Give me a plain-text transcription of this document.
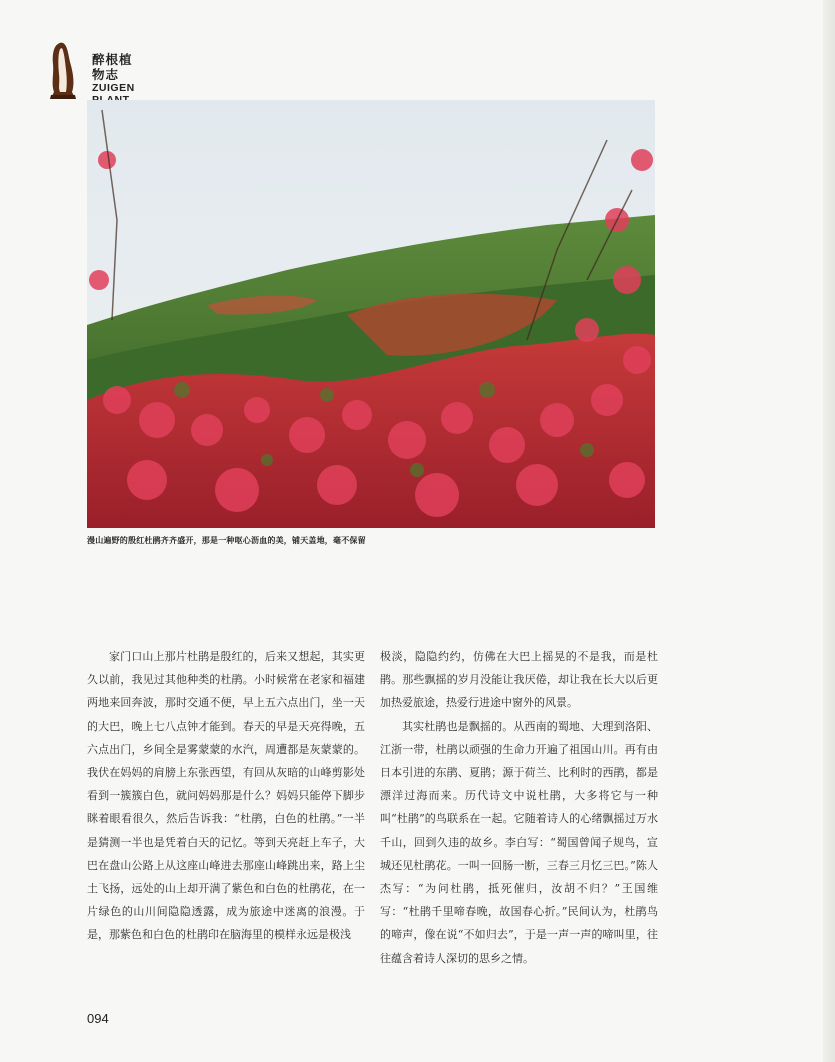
醉根植物志
ZUIGEN
漫山遍野的殷红杜鹃齐齐盛开，那是一种呕心沥血的美，铺天盖地，毫不保留

家门口山上那片杜鹃是殷红的，后来又想起，其实更久以前，我见过其他种类的杜鹃。小时候常在老家和福建两地来回奔波，那时交通不便，早上五六点出门，坐一天的大巴，晚上七八点钟才能到。春天的早是天亮得晚，五六点出门，乡间全是雾蒙蒙的水汽，周遭都是灰蒙蒙的。我伏在妈妈的肩膀上东张西望，有回从灰暗的山峰剪影处看到一簇簇白色，就问妈妈那是什么？妈妈只能停下脚步眯着眼看很久，然后告诉我：“杜鹃，白色的杜鹃。”一半是猜测一半也是凭着白天的记忆。等到天亮赶上车子，大巴在盘山公路上从这座山峰进去那座山峰跳出来，路上尘土飞扬，远处的山上却开满了紫色和白色的杜鹃花，在一片绿色的山川间隐隐透露，成为旅途中迷离的浪漫。于是，那紫色和白色的杜鹃印在脑海里的模样永远是极浅

极淡，隐隐约约，仿佛在大巴上摇晃的不是我，而是杜鹃。那些飘摇的岁月没能让我厌倦，却让我在长大以后更加热爱旅途，热爱行进途中窗外的风景。

其实杜鹃也是飘摇的。从西南的蜀地、大理到洛阳、江浙一带，杜鹃以顽强的生命力开遍了祖国山川。再有由日本引进的东鹃、夏鹃；源于荷兰、比利时的西鹃，都是漂洋过海而来。历代诗文中说杜鹃，大多将它与一种叫“杜鹃”的鸟联系在一起。它随着诗人的心绪飘摇过万水千山，回到久违的故乡。李白写：“蜀国曾闻子规鸟，宣城还见杜鹃花。一叫一回肠一断，三春三月忆三巴。”陈人杰写：“为问杜鹃，抵死催归，汝胡不归？”王国维写：“杜鹃千里啼春晚，故国春心折。”民间认为，杜鹃鸟的啼声，像在说“不如归去”，于是一声一声的啼叫里，往往蕴含着诗人深切的思乡之情。

094
